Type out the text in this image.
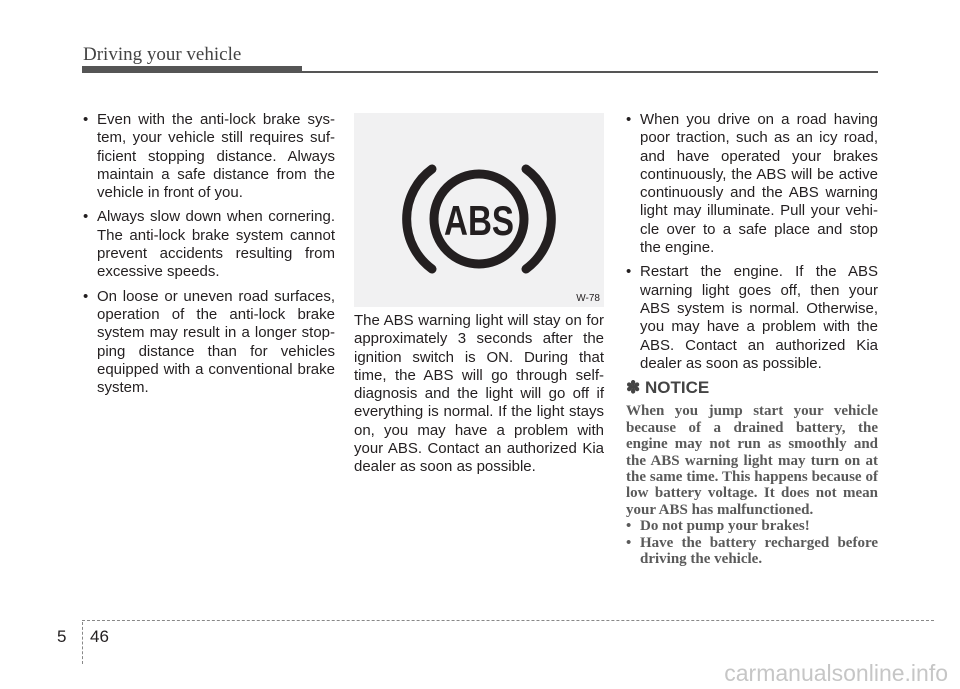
Driving your vehicle
• Even with the anti-lock brake sys-tem, your vehicle still requires suf-ficient stopping distance. Always maintain a safe distance from the vehicle in front of you.
• Always slow down when cornering. The anti-lock brake system cannot prevent accidents resulting from excessive speeds.
• On loose or uneven road surfaces, operation of the anti-lock brake system may result in a longer stop-ping distance than for vehicles equipped with a conventional brake system.
ABS
W-78

The ABS warning light will stay on for approximately 3 seconds after the ignition switch is ON. During that time, the ABS will go through self-diagnosis and the light will go off if everything is normal. If the light stays on, you may have a problem with your ABS. Contact an authorized Kia dealer as soon as possible.

• When you drive on a road having poor traction, such as an icy road, and have operated your brakes continuously, the ABS will be active continuously and the ABS warning light may illuminate. Pull your vehi-cle over to a safe place and stop the engine.
• Restart the engine. If the ABS warning light goes off, then your ABS system is normal. Otherwise, you may have a problem with the ABS. Contact an authorized Kia dealer as soon as possible.
✽ NOTICE
When you jump start your vehicle because of a drained battery, the engine may not run as smoothly and the ABS warning light may turn on at the same time. This happens because of low battery voltage. It does not mean your ABS has malfunctioned.
• Do not pump your brakes!
• Have the battery recharged before driving the vehicle.
5 46
carmanualsonline.info
